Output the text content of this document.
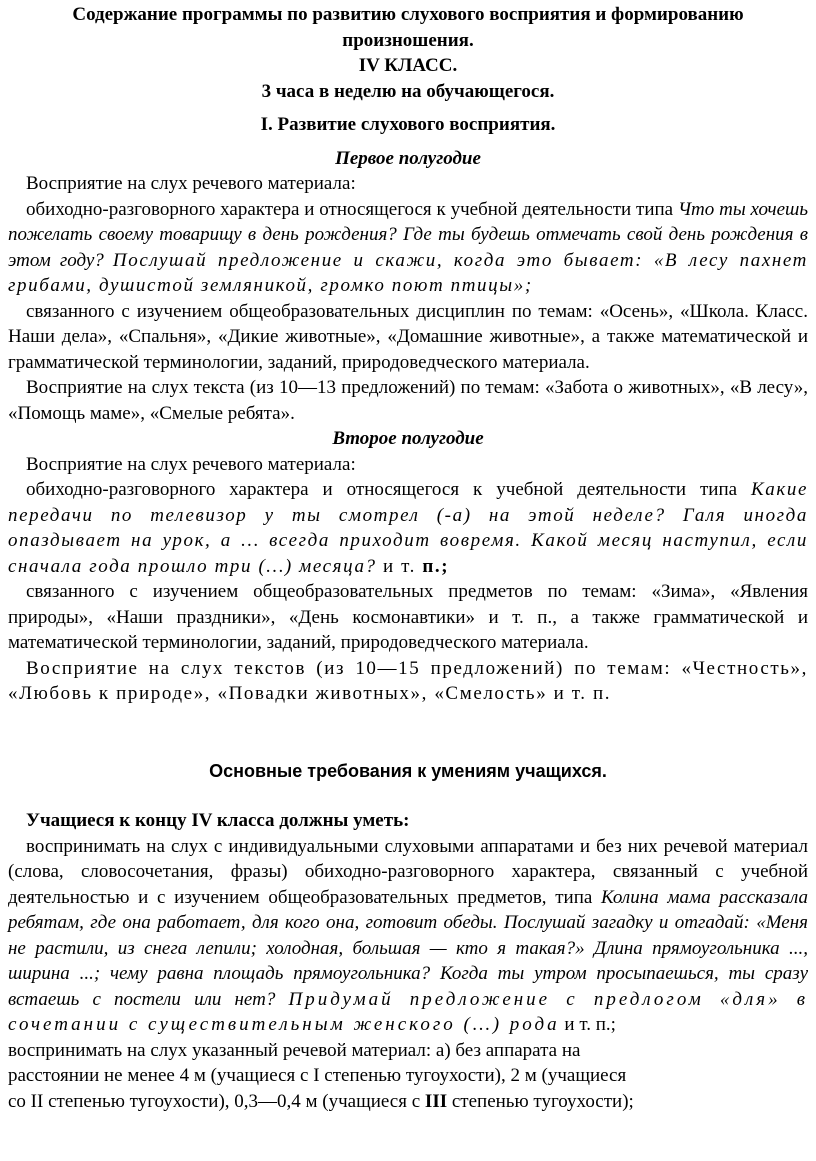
Содержание программы по развитию слухового восприятия и формированию
произношения.
IV КЛАСС.
3 часа в неделю на обучающегося.
I. Развитие слухового восприятия.
Первое полугодие

Восприятие на слух речевого материала:

обиходно-разговорного характера и относящегося к учебной деятельности типа Что ты хочешь пожелать своему товарищу в день рождения? Где ты будешь отмечать свой день рождения в этом году? Послушай предложение и скажи, когда это бывает: «В лесу пахнет грибами, душистой земляникой, громко поют птицы»;

связанного с изучением общеобразовательных дисциплин по темам: «Осень», «Школа. Класс. Наши дела», «Спальня», «Дикие животные», «Домашние животные», а также математической и грамматической терминологии, заданий, природоведческого материала.

Восприятие на слух текста (из 10—13 предложений) по темам: «Забота о животных», «В лесу», «Помощь маме», «Смелые ребята».

Второе полугодие

Восприятие на слух речевого материала:

обиходно-разговорного характера и относящегося к учебной деятельности типа Какие передачи по телевизор у ты смотрел (-а) на этой неделе? Галя иногда опаздывает на урок, а … всегда приходит вовремя. Какой месяц наступил, если сначала года прошло три (…) месяца? и т. п.;

связанного с изучением общеобразовательных предметов по темам: «Зима», «Явления природы», «Наши праздники», «День космонавтики» и т. п., а также грамматической и математической терминологии, заданий, природоведческого материала.

Восприятие на слух текстов (из 10—15 предложений) по темам: «Честность», «Любовь к природе», «Повадки животных», «Смелость» и т. п.

Основные требования к умениям учащихся.
Учащиеся к концу IV класса должны уметь:

воспринимать на слух с индивидуальными слуховыми аппаратами и без них речевой материал (слова, словосочетания, фразы) обиходно-разговорного характера, связанный с учебной деятельностью и с изучением общеобразовательных предметов, типа Колина мама рассказала ребятам, где она работает, для кого она, готовит обеды. Послушай загадку и отгадай: «Меня не растили, из снега лепили; холодная, большая — кто я такая?» Длина прямоугольника ..., ширина ...; чему равна площадь прямоугольника? Когда ты утром просыпаешься, ты сразу встаешь с постели или нет? Придумай предложение с предлогом «для» в сочетании с существительным женского (…) рода и т. п.;

воспринимать на слух указанный речевой материал: а) без аппарата на
расстоянии не менее 4 м (учащиеся с I степенью тугоухости), 2 м (учащиеся
со II степенью тугоухости), 0,3—0,4 м (учащиеся с III степенью тугоухости);
